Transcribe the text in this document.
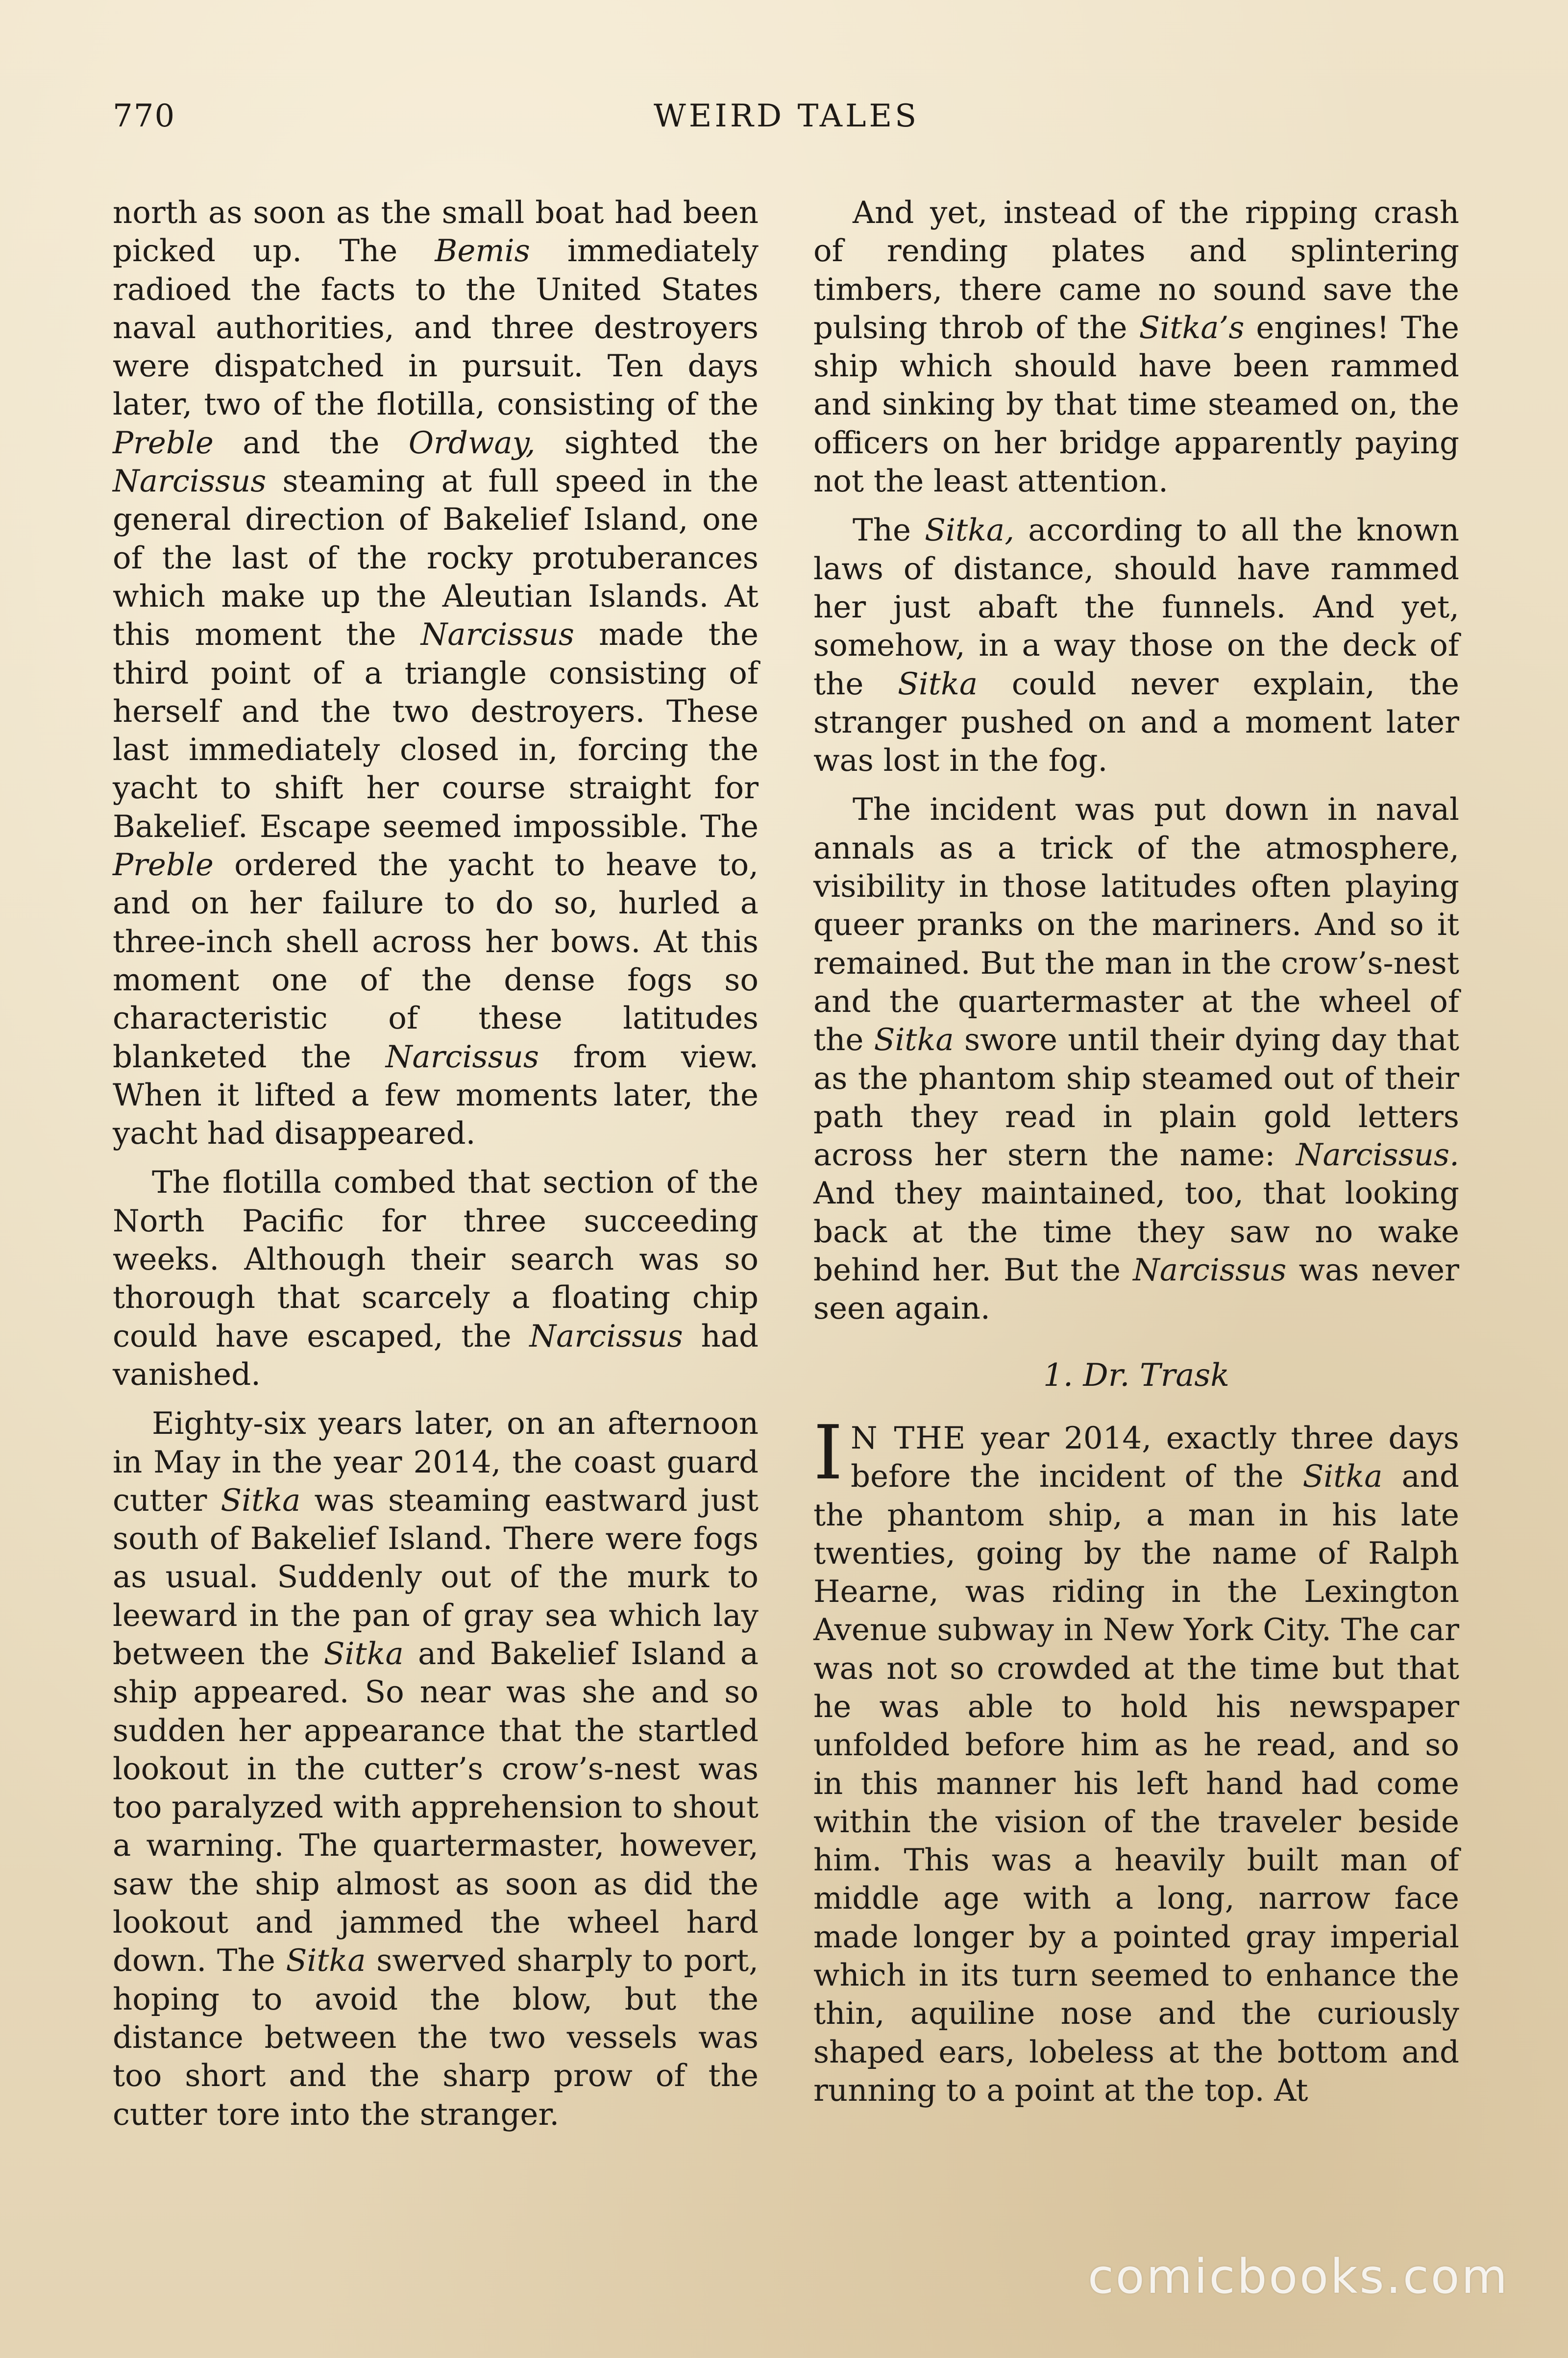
770	WEIRD TALES

north as soon as the small boat had been picked up. The Bemis immediately radioed the facts to the United States naval authorities, and three destroyers were dispatched in pursuit. Ten days later, two of the flotilla, consisting of the Preble and the Ordway, sighted the Narcissus steaming at full speed in the general direction of Bakelief Island, one of the last of the rocky protuberances which make up the Aleutian Islands. At this moment the Narcissus made the third point of a triangle consisting of herself and the two destroyers. These last immediately closed in, forcing the yacht to shift her course straight for Bakelief. Escape seemed impossible. The Preble ordered the yacht to heave to, and on her failure to do so, hurled a three-inch shell across her bows. At this moment one of the dense fogs so characteristic of these latitudes blanketed the Narcissus from view. When it lifted a few moments later, the yacht had disappeared.

The flotilla combed that section of the North Pacific for three succeeding weeks. Although their search was so thorough that scarcely a floating chip could have escaped, the Narcissus had vanished.

Eighty-six years later, on an afternoon in May in the year 2014, the coast guard cutter Sitka was steaming eastward just south of Bakelief Island. There were fogs as usual. Suddenly out of the murk to leeward in the pan of gray sea which lay between the Sitka and Bakelief Island a ship appeared. So near was she and so sudden her appearance that the startled lookout in the cutter’s crow’s-nest was too paralyzed with apprehension to shout a warning. The quartermaster, however, saw the ship almost as soon as did the lookout and jammed the wheel hard down. The Sitka swerved sharply to port, hoping to avoid the blow, but the distance between the two vessels was too short and the sharp prow of the cutter tore into the stranger.

And yet, instead of the ripping crash of rending plates and splintering timbers, there came no sound save the pulsing throb of the Sitka’s engines! The ship which should have been rammed and sinking by that time steamed on, the officers on her bridge apparently paying not the least attention.

The Sitka, according to all the known laws of distance, should have rammed her just abaft the funnels. And yet, somehow, in a way those on the deck of the Sitka could never explain, the stranger pushed on and a moment later was lost in the fog.

The incident was put down in naval annals as a trick of the atmosphere, visibility in those latitudes often playing queer pranks on the mariners. And so it remained. But the man in the crow’s-nest and the quartermaster at the wheel of the Sitka swore until their dying day that as the phantom ship steamed out of their path they read in plain gold letters across her stern the name: Narcissus. And they maintained, too, that looking back at the time they saw no wake behind her. But the Narcissus was never seen again.

1. Dr. Trask

I N THE year 2014, exactly three days before the incident of the Sitka and the phantom ship, a man in his late twenties, going by the name of Ralph Hearne, was riding in the Lexington Avenue subway in New York City. The car was not so crowded at the time but that he was able to hold his newspaper unfolded before him as he read, and so in this manner his left hand had come within the vision of the traveler beside him. This was a heavily built man of middle age with a long, narrow face made longer by a pointed gray imperial which in its turn seemed to enhance the thin, aquiline nose and the curiously shaped ears, lobeless at the bottom and running to a point at the top. At

comicbooks.com
